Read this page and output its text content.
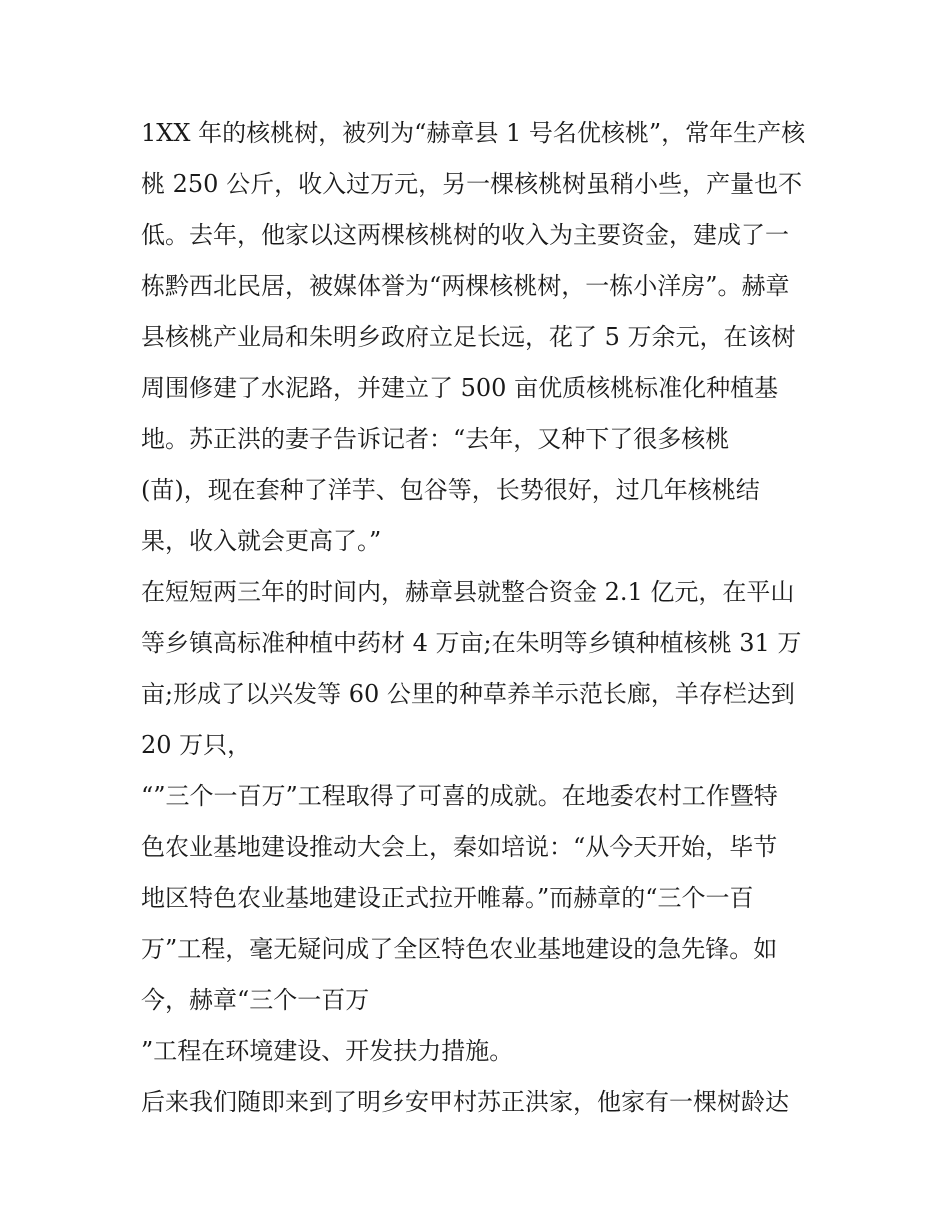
1XX 年的核桃树，被列为“赫章县 1 号名优核桃”，常年生产核
桃 250 公斤，收入过万元，另一棵核桃树虽稍小些，产量也不
低。去年，他家以这两棵核桃树的收入为主要资金，建成了一
栋黔西北民居，被媒体誉为“两棵核桃树，一栋小洋房”。赫章
县核桃产业局和朱明乡政府立足长远，花了 5 万余元，在该树
周围修建了水泥路，并建立了 500 亩优质核桃标准化种植基
地。苏正洪的妻子告诉记者：“去年，又种下了很多核桃
(苗)，现在套种了洋芋、包谷等，长势很好，过几年核桃结
果，收入就会更高了。”
在短短两三年的时间内，赫章县就整合资金 2.1 亿元，在平山
等乡镇高标准种植中药材 4 万亩;在朱明等乡镇种植核桃 31 万
亩;形成了以兴发等 60 公里的种草养羊示范长廊，羊存栏达到
20 万只，
“”三个一百万”工程取得了可喜的成就。在地委农村工作暨特
色农业基地建设推动大会上，秦如培说：“从今天开始，毕节
地区特色农业基地建设正式拉开帷幕。”而赫章的“三个一百
万”工程，毫无疑问成了全区特色农业基地建设的急先锋。如
今，赫章“三个一百万
”工程在环境建设、开发扶力措施。
后来我们随即来到了明乡安甲村苏正洪家，他家有一棵树龄达
